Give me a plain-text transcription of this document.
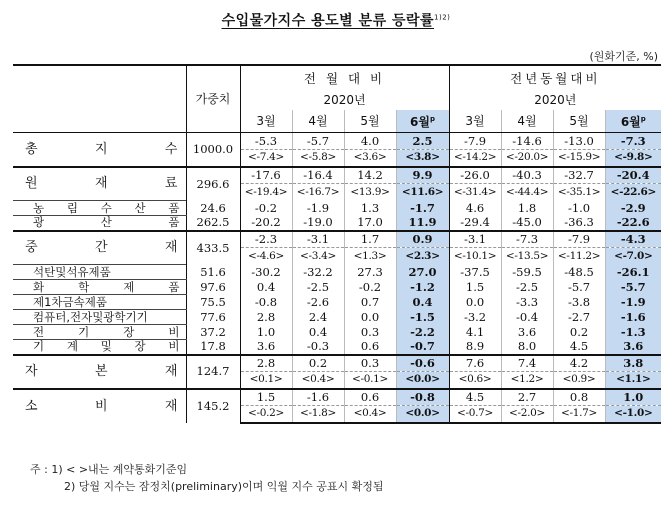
수입물가지수 용도별 분류 등락률$^{1)2)}$
(원화기준, %)
	가중치	전 월 대 비				전년동월대비			
		2020년				2020년			
		3월	4월	5월	6월$^p$	3월	4월	5월	6월$^p$
총 지 수	1000.0	-5.3	-5.7	4.0	2.5	-7.9	-14.6	-13.0	-7.3
		<-7.4>	<-5.8>	<3.6>	<3.8>	<-14.2>	<-20.0>	<-15.9>	<-9.8>
원 재 료	296.6	-17.6	-16.4	14.2	9.9	-26.0	-40.3	-32.7	-20.4
		<-19.4>	<-16.7>	<13.9>	<11.6>	<-31.4>	<-44.4>	<-35.1>	<-22.6>
농 림 수 산 품	24.6	-0.2	-1.9	1.3	-1.7	4.6	1.8	-1.0	-2.9
광 산 품	262.5	-20.2	-19.0	17.0	11.9	-29.4	-45.0	-36.3	-22.6
중 간 재	433.5	-2.3	-3.1	1.7	0.9	-3.1	-7.3	-7.9	-4.3
		<-4.6>	<-3.4>	<1.3>	<2.3>	<-10.1>	<-13.5>	<-11.2>	<-7.0>
석탄및석유제품	51.6	-30.2	-32.2	27.3	27.0	-37.5	-59.5	-48.5	-26.1
화 학 제 품	97.6	0.4	-2.5	-0.2	-1.2	1.5	-2.5	-5.7	-5.7
제1차금속제품	75.5	-0.8	-2.6	0.7	0.4	0.0	-3.3	-3.8	-1.9
컴퓨터,전자및광학기기	77.6	2.8	2.4	0.0	-1.5	-3.2	-0.4	-2.7	-1.6
전 기 장 비	37.2	1.0	0.4	0.3	-2.2	4.1	3.6	0.2	-1.3
기 계 및 장 비	17.8	3.6	-0.3	0.6	-0.7	8.9	8.0	4.5	3.6
자 본 재	124.7	2.8	0.2	0.3	-0.6	7.6	7.4	4.2	3.8
		<0.1>	<0.4>	<-0.1>	<0.0>	<0.6>	<1.2>	<0.9>	<1.1>
소 비 재	145.2	1.5	-1.6	0.6	-0.8	4.5	2.7	0.8	1.0
		<-0.2>	<-1.8>	<0.4>	<0.0>	<-0.7>	<-2.0>	<-1.7>	<-1.0>
주 : 1) < >내는 계약통화기준임
2) 당월 지수는 잠정치(preliminary)이며 익월 지수 공표시 확정됨
